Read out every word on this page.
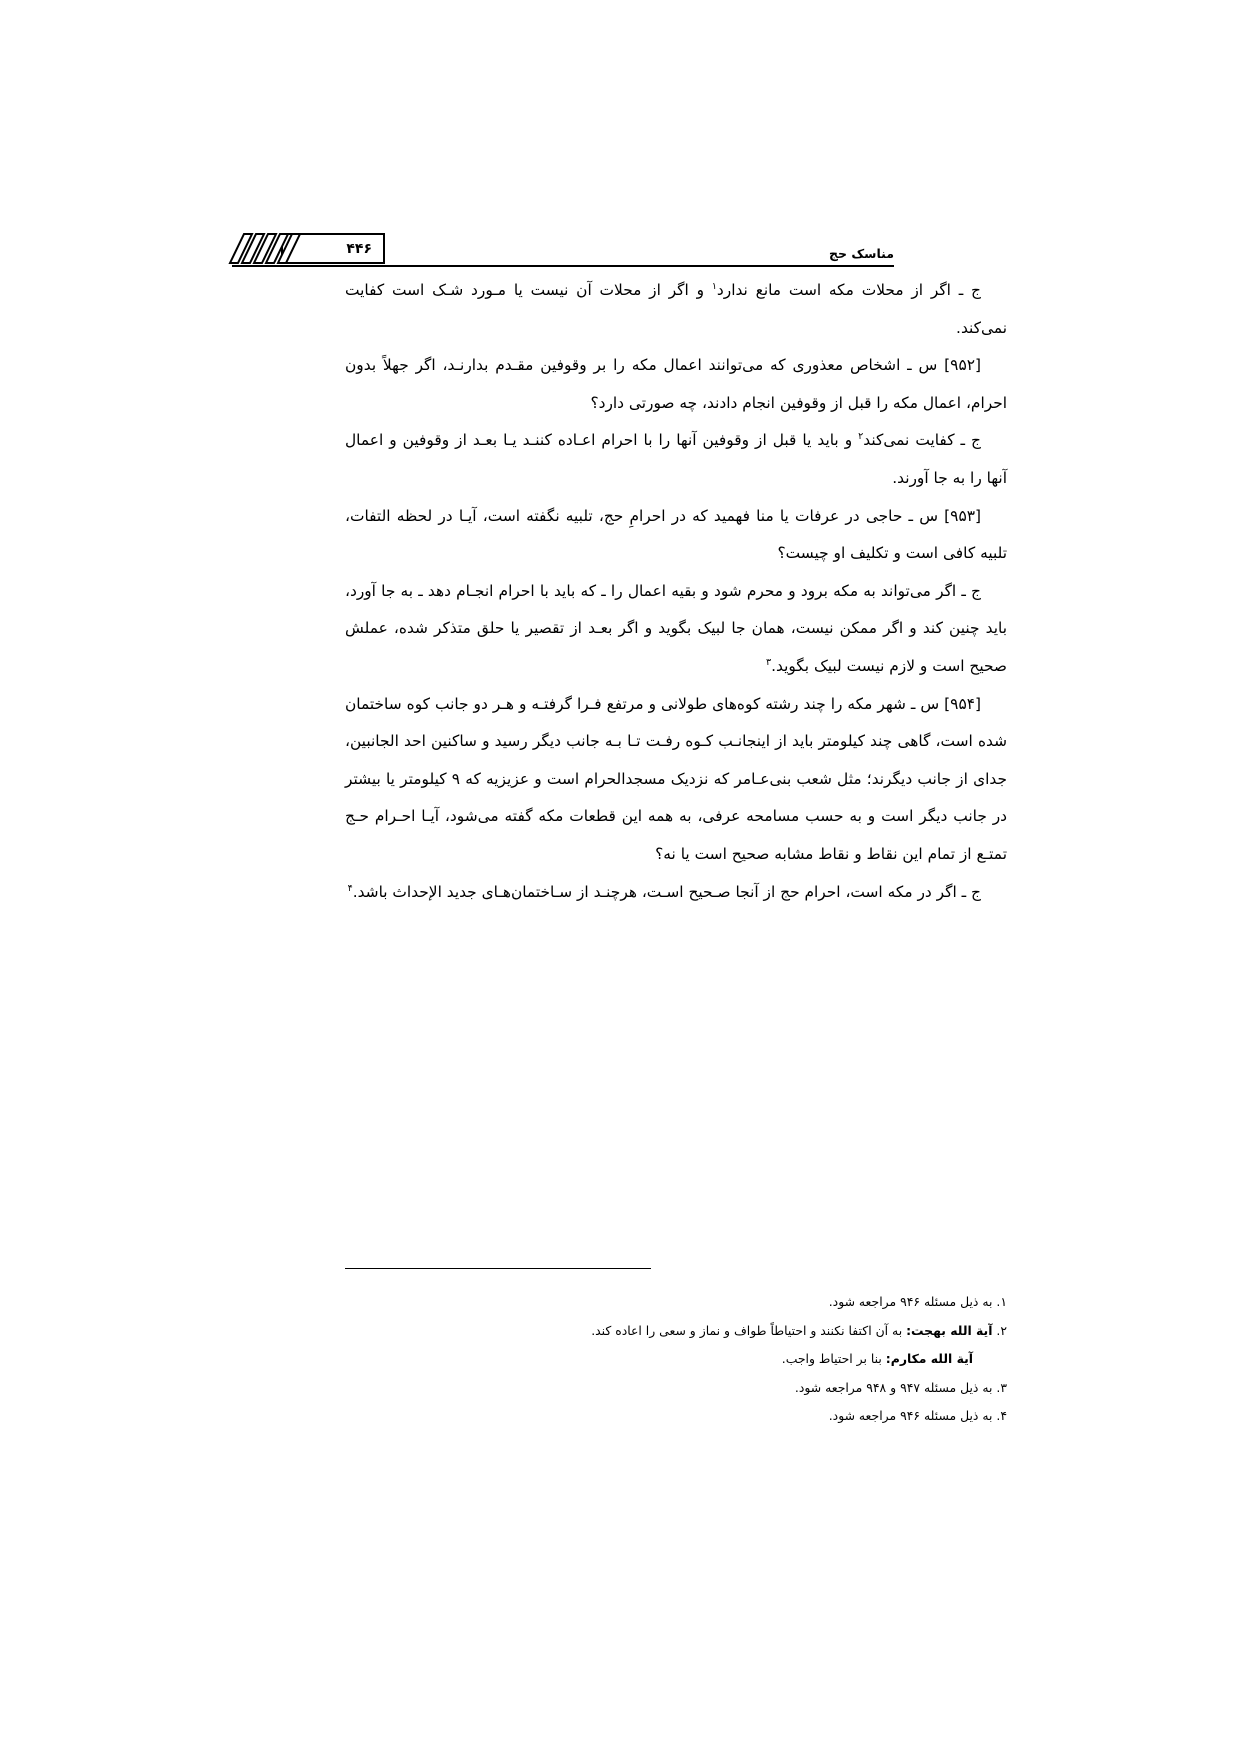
مناسک حج
۴۴۶

ج ـ اگر از محلات مکه است مانع ندارد$^۱$ و اگر از محلات آن نیست یا مـورد شـک است کفایت نمی‌کند.

[۹۵۲] س ـ اشخاص معذوری که می‌توانند اعمال مکه را بر وقوفین مقـدم بدارنـد، اگر جهلاً بدون احرام، اعمال مکه را قبل از وقوفین انجام دادند، چه صورتی دارد؟

ج ـ کفایت نمی‌کند$^۲$ و باید یا قبل از وقوفین آنها را با احرام اعـاده کننـد یـا بعـد از وقوفین و اعمال آنها را به جا آورند.

[۹۵۳] س ـ حاجی در عرفات یا منا فهمید که در احرامِ حج، تلبیه نگفته است، آیـا در لحظه التفات، تلبیه کافی است و تکلیف او چیست؟

ج ـ اگر می‌تواند به مکه برود و محرم شود و بقیه اعمال را ـ که باید با احرام انجـام دهد ـ به جا آورد، باید چنین کند و اگر ممکن نیست، همان جا لبیک بگوید و اگر بعـد از تقصیر یا حلق متذکر شده، عملش صحیح است و لازم نیست لبیک بگوید.$^۳$

[۹۵۴] س ـ شهر مکه را چند رشته کوه‌های طولانی و مرتفع فـرا گرفتـه و هـر دو جانب کوه ساختمان شده است، گاهی چند کیلومتر باید از اینجانـب کـوه رفـت تـا بـه جانب دیگر رسید و ساکنین احد الجانبین، جدای از جانب دیگرند؛ مثل شعب بنی‌عـامر که نزدیک مسجدالحرام است و عزیزیه که ۹ کیلومتر یا بیشتر در جانب دیگر است و به حسب مسامحه عرفی، به همه این قطعات مکه گفته می‌شود، آیـا احـرام حـج تمتـع از تمام این نقاط و نقاط مشابه صحیح است یا نه؟

ج ـ اگر در مکه است، احرام حج از آنجا صـحیح اسـت، هرچنـد از سـاختمان‌هـای جدید الإحداث باشد.$^۴$

۱. به ذیل مسئله ۹۴۶ مراجعه شود.

۲. آیة الله بهجت: به آن اکتفا نکنند و احتیاطاً طواف و نماز و سعی را اعاده کند.

آیة الله مکارم: بنا بر احتیاط واجب.

۳. به ذیل مسئله ۹۴۷ و ۹۴۸ مراجعه شود.

۴. به ذیل مسئله ۹۴۶ مراجعه شود.
